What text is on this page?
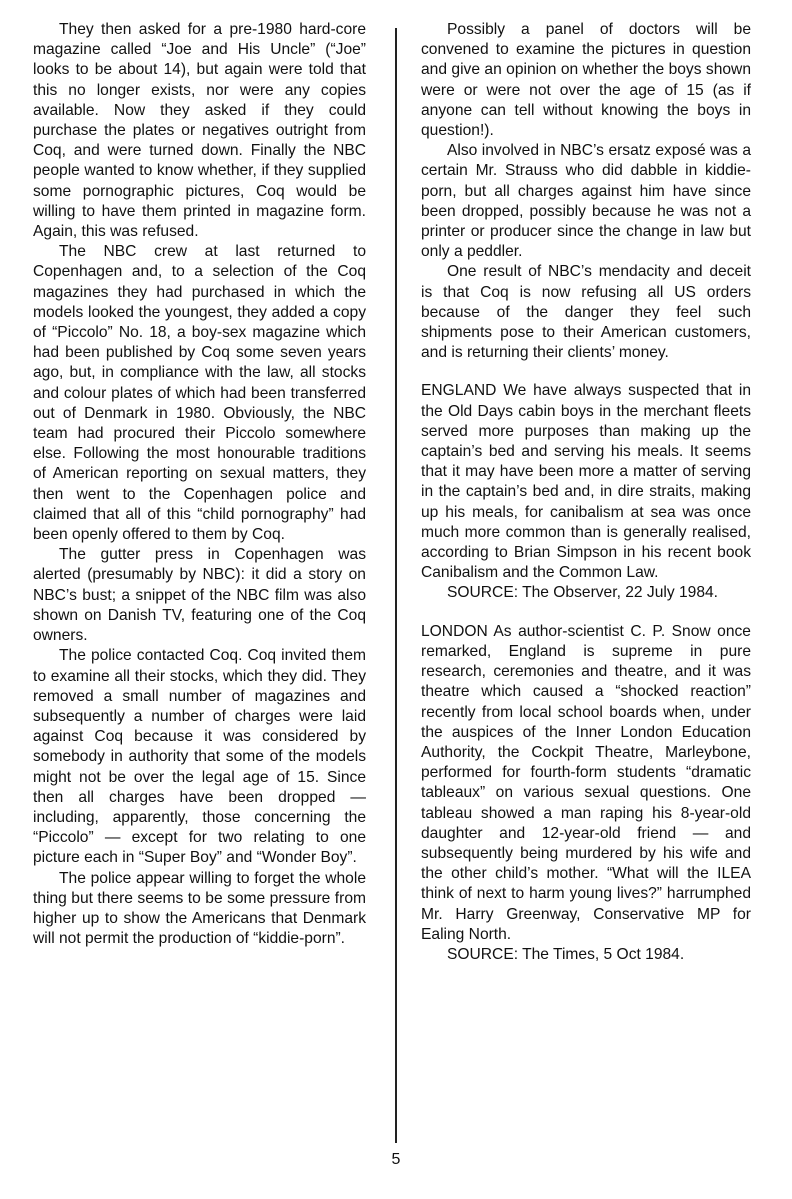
They then asked for a pre-1980 hard-core magazine called “Joe and His Uncle” (“Joe” looks to be about 14), but again were told that this no longer exists, nor were any copies available. Now they asked if they could purchase the plates or negatives outright from Coq, and were turned down. Finally the NBC people wanted to know whether, if they supplied some pornographic pictures, Coq would be willing to have them printed in magazine form. Again, this was refused.

The NBC crew at last returned to Copenhagen and, to a selection of the Coq magazines they had purchased in which the models looked the youngest, they added a copy of “Piccolo” No. 18, a boy-sex magazine which had been published by Coq some seven years ago, but, in compliance with the law, all stocks and colour plates of which had been transferred out of Denmark in 1980. Obviously, the NBC team had procured their Piccolo somewhere else. Following the most honourable traditions of American reporting on sexual matters, they then went to the Copenhagen police and claimed that all of this “child pornography” had been openly offered to them by Coq.

The gutter press in Copenhagen was alerted (presumably by NBC): it did a story on NBC’s bust; a snippet of the NBC film was also shown on Danish TV, featuring one of the Coq owners.

The police contacted Coq. Coq invited them to examine all their stocks, which they did. They removed a small number of magazines and subsequently a number of charges were laid against Coq because it was considered by somebody in authority that some of the models might not be over the legal age of 15. Since then all charges have been dropped — including, apparently, those concerning the “Piccolo” — except for two relating to one picture each in “Super Boy” and “Wonder Boy”.

The police appear willing to forget the whole thing but there seems to be some pressure from higher up to show the Americans that Denmark will not permit the production of “kiddie-porn”.

Possibly a panel of doctors will be convened to examine the pictures in question and give an opinion on whether the boys shown were or were not over the age of 15 (as if anyone can tell without knowing the boys in question!).

Also involved in NBC’s ersatz exposé was a certain Mr. Strauss who did dabble in kiddie-porn, but all charges against him have since been dropped, possibly because he was not a printer or producer since the change in law but only a peddler.

One result of NBC’s mendacity and deceit is that Coq is now refusing all US orders because of the danger they feel such shipments pose to their American customers, and is returning their clients’ money.

ENGLAND We have always suspected that in the Old Days cabin boys in the merchant fleets served more purposes than making up the captain’s bed and serving his meals. It seems that it may have been more a matter of serving in the captain’s bed and, in dire straits, making up his meals, for canibalism at sea was once much more common than is generally realised, according to Brian Simpson in his recent book Canibalism and the Common Law.

SOURCE: The Observer, 22 July 1984.

LONDON As author-scientist C. P. Snow once remarked, England is supreme in pure research, ceremonies and theatre, and it was theatre which caused a “shocked reaction” recently from local school boards when, under the auspices of the Inner London Education Authority, the Cockpit Theatre, Marleybone, performed for fourth-form students “dramatic tableaux” on various sexual questions. One tableau showed a man raping his 8-year-old daughter and 12-year-old friend — and subsequently being murdered by his wife and the other child’s mother. “What will the ILEA think of next to harm young lives?” harrumphed Mr. Harry Greenway, Conservative MP for Ealing North.

SOURCE: The Times, 5 Oct 1984.

5
